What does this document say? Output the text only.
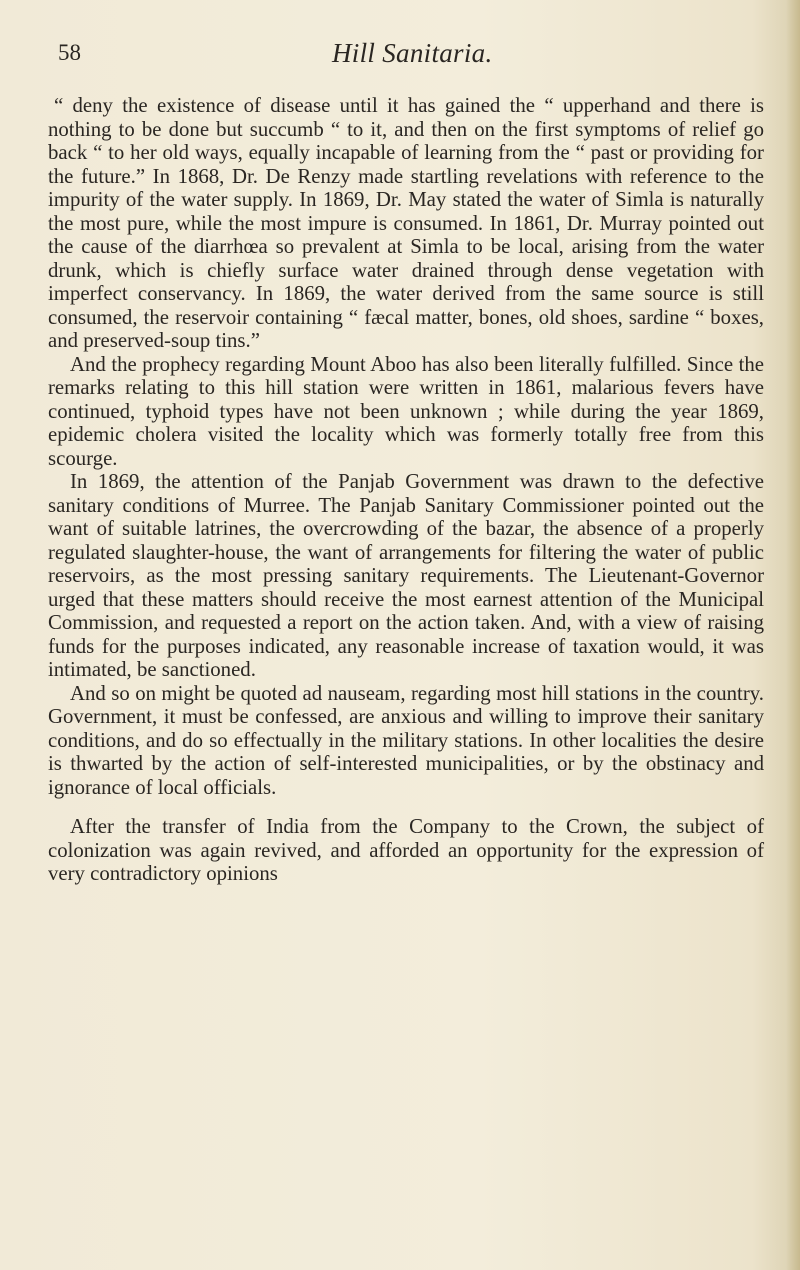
58	Hill Sanitaria.

“ deny the existence of disease until it has gained the “ upperhand and there is nothing to be done but succumb “ to it, and then on the first symptoms of relief go back “ to her old ways, equally incapable of learning from the “ past or providing for the future.” In 1868, Dr. De Renzy made startling revelations with reference to the impurity of the water supply. In 1869, Dr. May stated the water of Simla is naturally the most pure, while the most impure is consumed. In 1861, Dr. Murray pointed out the cause of the diarrhœa so prevalent at Simla to be local, arising from the water drunk, which is chiefly surface water drained through dense vegetation with imperfect conservancy. In 1869, the water derived from the same source is still consumed, the reservoir containing “ fæcal matter, bones, old shoes, sardine “ boxes, and preserved-soup tins.”

And the prophecy regarding Mount Aboo has also been literally fulfilled. Since the remarks relating to this hill station were written in 1861, malarious fevers have continued, typhoid types have not been unknown ; while during the year 1869, epidemic cholera visited the locality which was formerly totally free from this scourge.

In 1869, the attention of the Panjab Government was drawn to the defective sanitary conditions of Murree. The Panjab Sanitary Commissioner pointed out the want of suitable latrines, the overcrowding of the bazar, the absence of a properly regulated slaughter-house, the want of arrangements for filtering the water of public reservoirs, as the most pressing sanitary requirements. The Lieutenant-Governor urged that these matters should receive the most earnest attention of the Municipal Commission, and requested a report on the action taken. And, with a view of raising funds for the purposes indicated, any reasonable increase of taxation would, it was intimated, be sanctioned.

And so on might be quoted ad nauseam, regarding most hill stations in the country. Government, it must be confessed, are anxious and willing to improve their sanitary conditions, and do so effectually in the military stations. In other localities the desire is thwarted by the action of self-interested municipalities, or by the obstinacy and ignorance of local officials.

After the transfer of India from the Company to the Crown, the subject of colonization was again revived, and afforded an opportunity for the expression of very contradictory opinions
